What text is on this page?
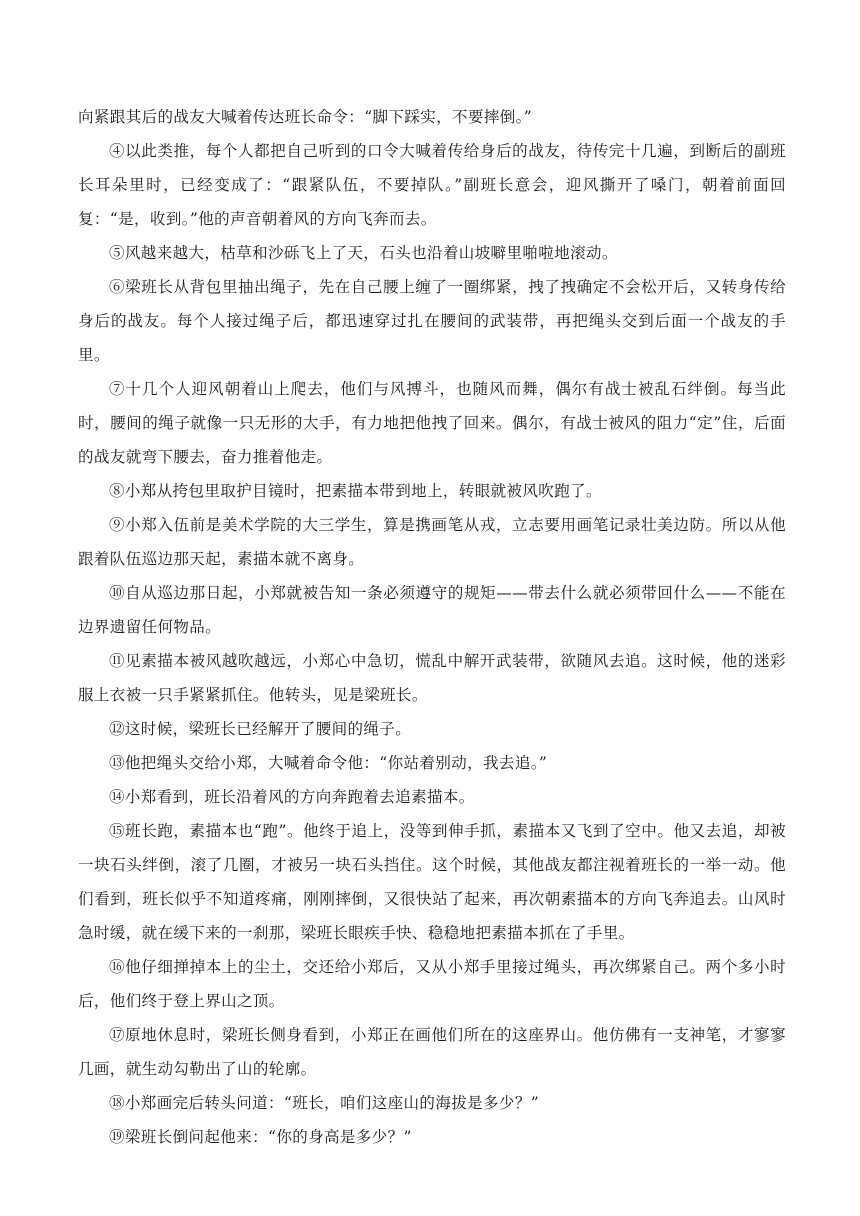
向紧跟其后的战友大喊着传达班长命令：“脚下踩实，不要摔倒。”

④以此类推，每个人都把自己听到的口令大喊着传给身后的战友，待传完十几遍，到断后的副班长耳朵里时，已经变成了：“跟紧队伍，不要掉队。”副班长意会，迎风撕开了嗓门，朝着前面回复：“是，收到。”他的声音朝着风的方向飞奔而去。

⑤风越来越大，枯草和沙砾飞上了天，石头也沿着山坡噼里啪啦地滚动。

⑥梁班长从背包里抽出绳子，先在自己腰上缠了一圈绑紧，拽了拽确定不会松开后，又转身传给身后的战友。每个人接过绳子后，都迅速穿过扎在腰间的武装带，再把绳头交到后面一个战友的手里。

⑦十几个人迎风朝着山上爬去，他们与风搏斗，也随风而舞，偶尔有战士被乱石绊倒。每当此时，腰间的绳子就像一只无形的大手，有力地把他拽了回来。偶尔，有战士被风的阻力“定”住，后面的战友就弯下腰去，奋力推着他走。

⑧小郑从挎包里取护目镜时，把素描本带到地上，转眼就被风吹跑了。

⑨小郑入伍前是美术学院的大三学生，算是携画笔从戎，立志要用画笔记录壮美边防。所以从他跟着队伍巡边那天起，素描本就不离身。

⑩自从巡边那日起，小郑就被告知一条必须遵守的规矩——带去什么就必须带回什么——不能在边界遗留任何物品。

⑪见素描本被风越吹越远，小郑心中急切，慌乱中解开武装带，欲随风去追。这时候，他的迷彩服上衣被一只手紧紧抓住。他转头，见是梁班长。

⑫这时候，梁班长已经解开了腰间的绳子。

⑬他把绳头交给小郑，大喊着命令他：“你站着别动，我去追。”

⑭小郑看到，班长沿着风的方向奔跑着去追素描本。

⑮班长跑，素描本也“跑”。他终于追上，没等到伸手抓，素描本又飞到了空中。他又去追，却被一块石头绊倒，滚了几圈，才被另一块石头挡住。这个时候，其他战友都注视着班长的一举一动。他们看到，班长似乎不知道疼痛，刚刚摔倒，又很快站了起来，再次朝素描本的方向飞奔追去。山风时急时缓，就在缓下来的一刹那，梁班长眼疾手快、稳稳地把素描本抓在了手里。

⑯他仔细掸掉本上的尘土，交还给小郑后，又从小郑手里接过绳头，再次绑紧自己。两个多小时后，他们终于登上界山之顶。

⑰原地休息时，梁班长侧身看到，小郑正在画他们所在的这座界山。他仿佛有一支神笔，才寥寥几画，就生动勾勒出了山的轮廓。

⑱小郑画完后转头问道：“班长，咱们这座山的海拔是多少？”

⑲梁班长倒问起他来：“你的身高是多少？”
